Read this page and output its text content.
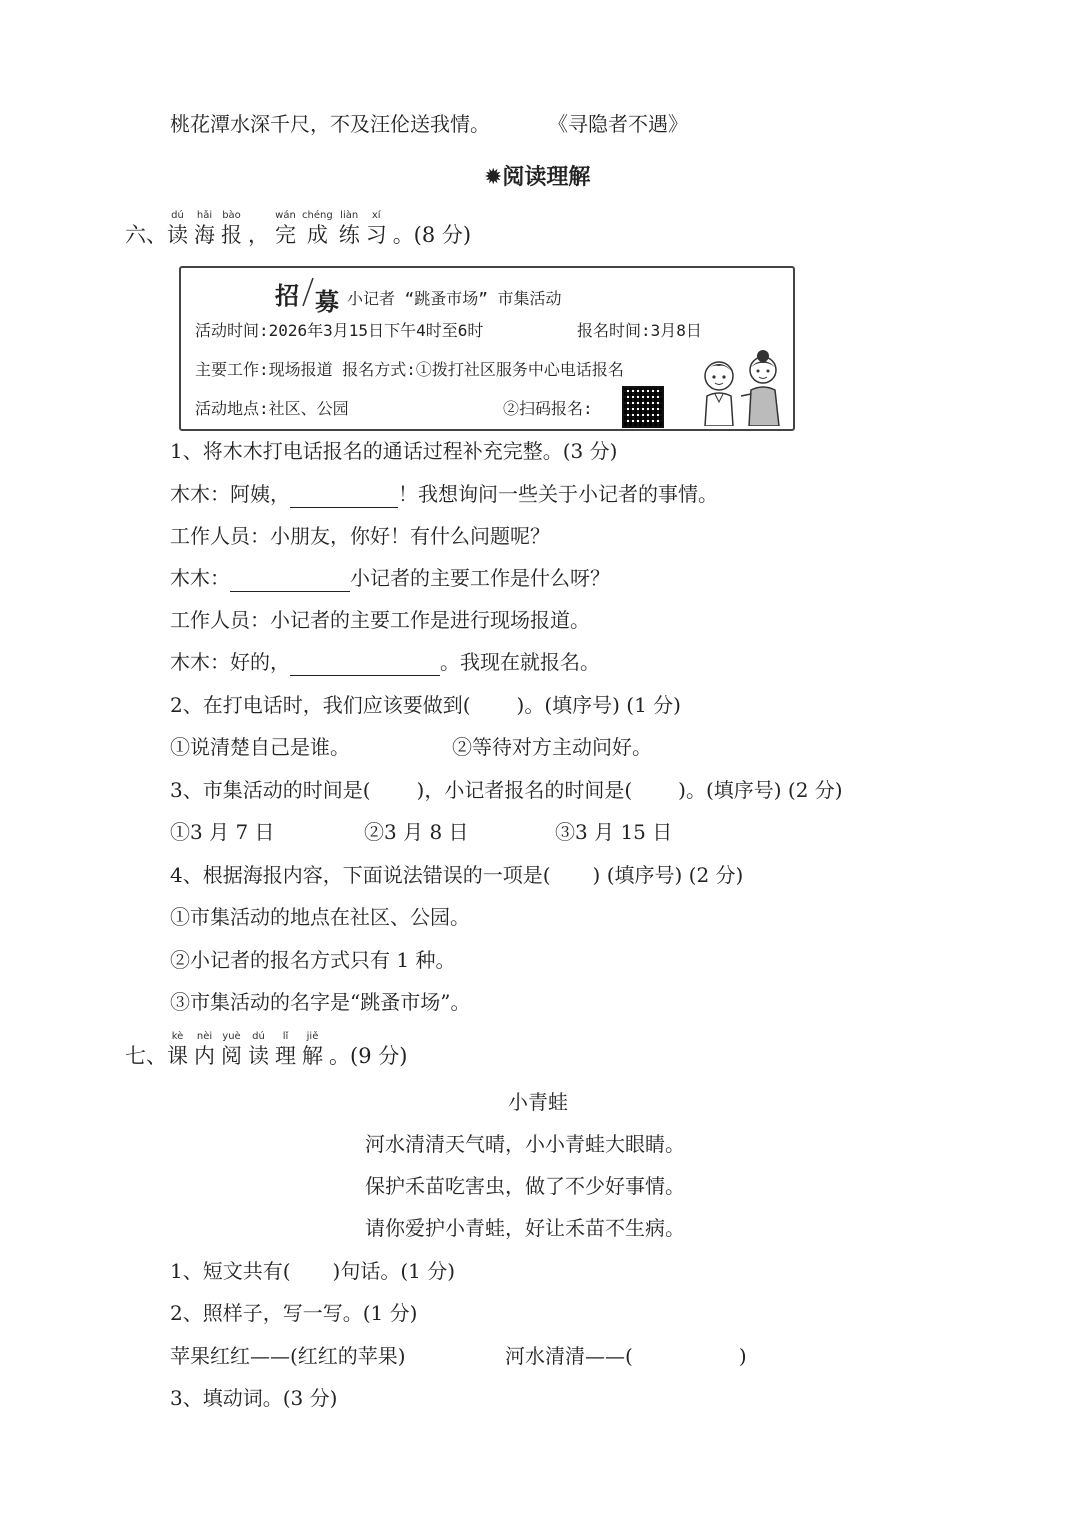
桃花潭水深千尺，不及汪伦送我情。	《寻隐者不遇》
✹阅读理解

六、
dú
读
hǎi
海
bào
报
，
wán
完
chéng
成
liàn
练
xí
习
。(8 分)
招 募 小记者 “跳蚤市场” 市集活动
活动时间:2026年3月15日下午4时至6时	报名时间:3月8日
主要工作:现场报道 报名方式:①拨打社区服务中心电话报名
活动地点:社区、公园	②扫码报名:
1、将木木打电话报名的通话过程补充完整。(3 分)
木木：阿姨，	！我想询问一些关于小记者的事情。
工作人员：小朋友，你好！有什么问题呢？
木木：	小记者的主要工作是什么呀？
工作人员：小记者的主要工作是进行现场报道。
木木：好的，	。我现在就报名。
2、在打电话时，我们应该要做到( )。(填序号) (1 分)
①说清楚自己是谁。	②等待对方主动问好。
3、市集活动的时间是( )，小记者报名的时间是( )。(填序号) (2 分)
①3 月 7 日	②3 月 8 日	③3 月 15 日
4、根据海报内容，下面说法错误的一项是( ) (填序号) (2 分)
①市集活动的地点在社区、公园。
②小记者的报名方式只有 1 种。
③市集活动的名字是“跳蚤市场”。

七、
kè
课
nèi
内
yuè
阅
dú
读
lǐ
理
jiě
解
。(9 分)
小青蛙
河水清清天气晴，小小青蛙大眼睛。
保护禾苗吃害虫，做了不少好事情。
请你爱护小青蛙，好让禾苗不生病。
1、短文共有( )句话。(1 分)
2、照样子，写一写。(1 分)
苹果红红——(红红的苹果)	河水清清——(	)
3、填动词。(3 分)
